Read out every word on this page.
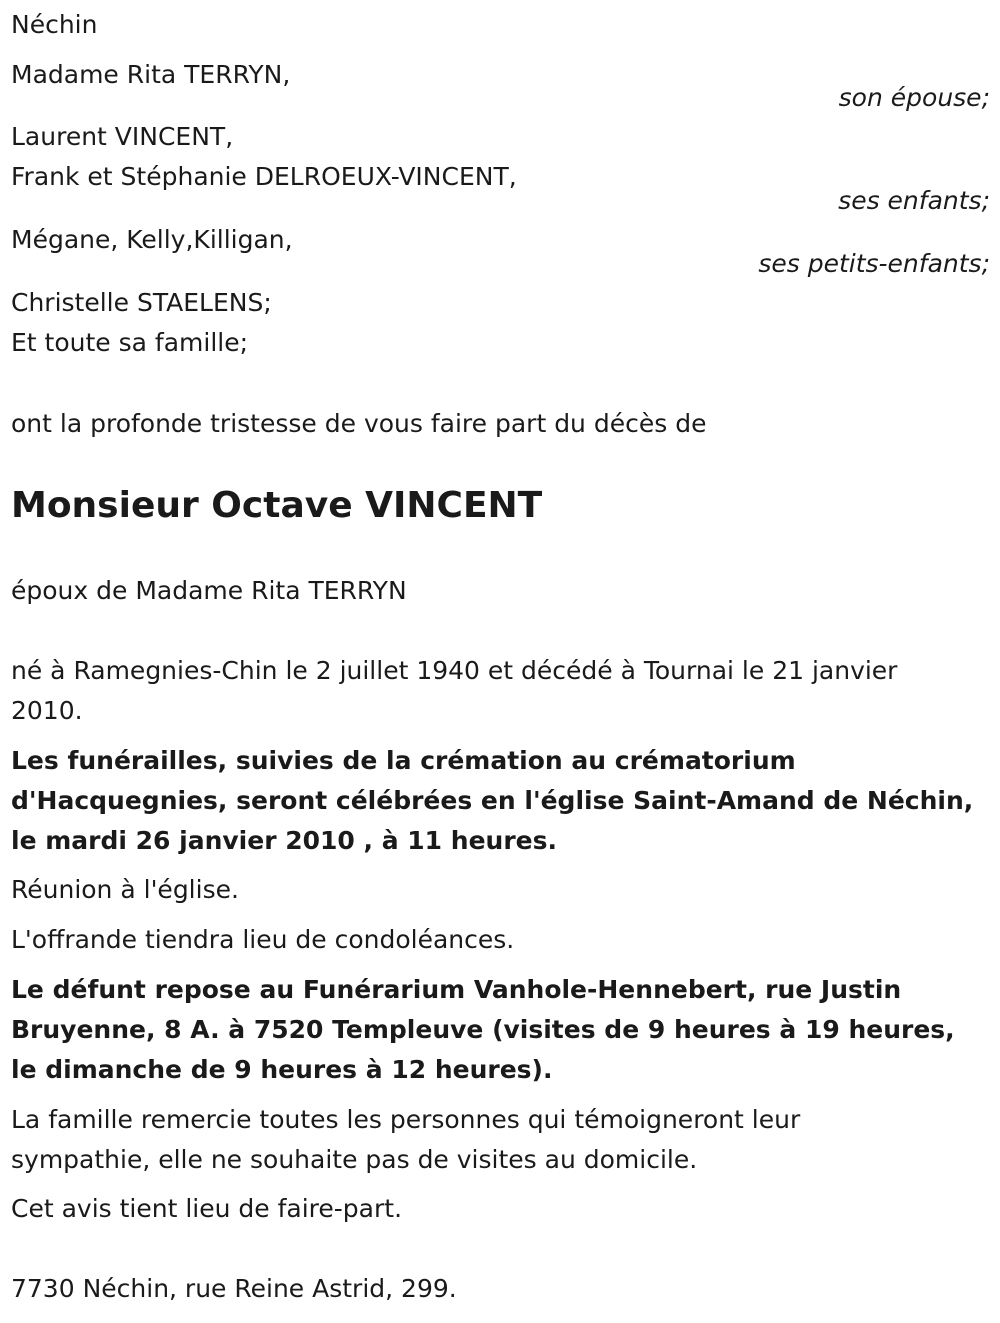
Néchin
Madame Rita TERRYN,
son épouse;
Laurent VINCENT,
Frank et Stéphanie DELROEUX-VINCENT,
ses enfants;
Mégane, Kelly,Killigan,
ses petits-enfants;
Christelle STAELENS;
Et toute sa famille;
ont la profonde tristesse de vous faire part du décès de
Monsieur Octave VINCENT
époux de Madame Rita TERRYN
né à Ramegnies-Chin le 2 juillet 1940 et décédé à Tournai le 21 janvier 2010.
Les funérailles, suivies de la crémation au crématorium d'Hacquegnies, seront célébrées en l'église Saint-Amand de Néchin, le mardi 26 janvier 2010 , à 11 heures.
Réunion à l'église.
L'offrande tiendra lieu de condoléances.
Le défunt repose au Funérarium Vanhole-Hennebert, rue Justin Bruyenne, 8 A. à 7520 Templeuve (visites de 9 heures à 19 heures, le dimanche de 9 heures à 12 heures).
La famille remercie toutes les personnes qui témoigneront leur sympathie, elle ne souhaite pas de visites au domicile.
Cet avis tient lieu de faire-part.
7730 Néchin, rue Reine Astrid, 299.
